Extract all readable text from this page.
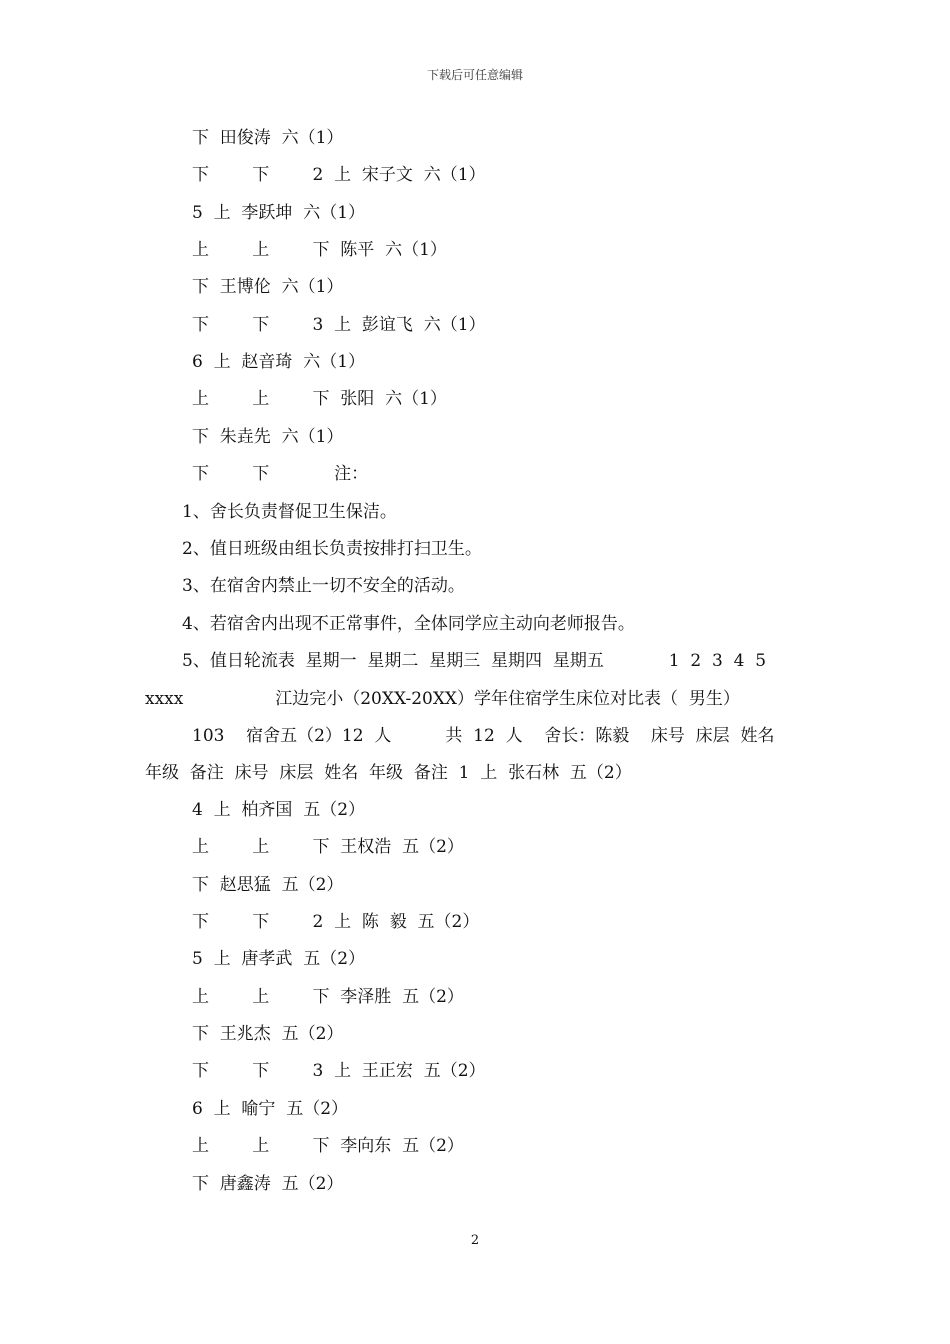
下载后可任意编辑
下  田俊涛  六（1）
下        下        2  上  宋子文  六（1）
5  上  李跃坤  六（1）
上        上        下  陈平  六（1）
下  王博伦  六（1）
下        下        3  上  彭谊飞  六（1）
6  上  赵音琦  六（1）
上        上        下  张阳  六（1）
下  朱垚先  六（1）
下        下            注：
1、舍长负责督促卫生保洁。
2、值日班级由组长负责按排打扫卫生。
3、在宿舍内禁止一切不安全的活动。
4、若宿舍内出现不正常事件，全体同学应主动向老师报告。
5、值日轮流表  星期一  星期二  星期三  星期四  星期五            1  2  3  4  5
xxxx                 江边完小（20XX-20XX）学年住宿学生床位对比表（  男生）
103    宿舍五（2）12  人          共  12  人    舍长：陈毅    床号  床层  姓名
年级  备注  床号  床层  姓名  年级  备注  1  上  张石林  五（2）
4  上  柏齐国  五（2）
上        上        下  王权浩  五（2）
下  赵思猛  五（2）
下        下        2  上  陈  毅  五（2）
5  上  唐孝武  五（2）
上        上        下  李泽胜  五（2）
下  王兆杰  五（2）
下        下        3  上  王正宏  五（2）
6  上  喻宁  五（2）
上        上        下  李向东  五（2）
下  唐鑫涛  五（2）
2
